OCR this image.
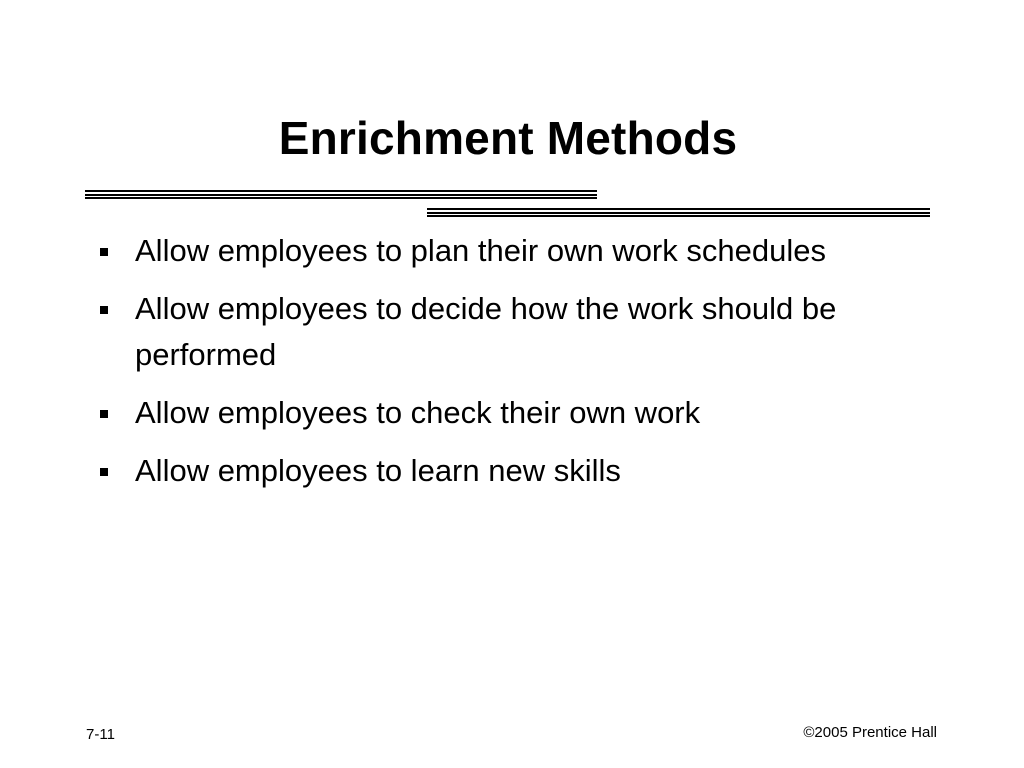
Enrichment Methods
Allow employees to plan their own work schedules
Allow employees to decide how the work should be performed
Allow employees to check their own work
Allow employees to learn new skills
7-11	©2005 Prentice Hall
